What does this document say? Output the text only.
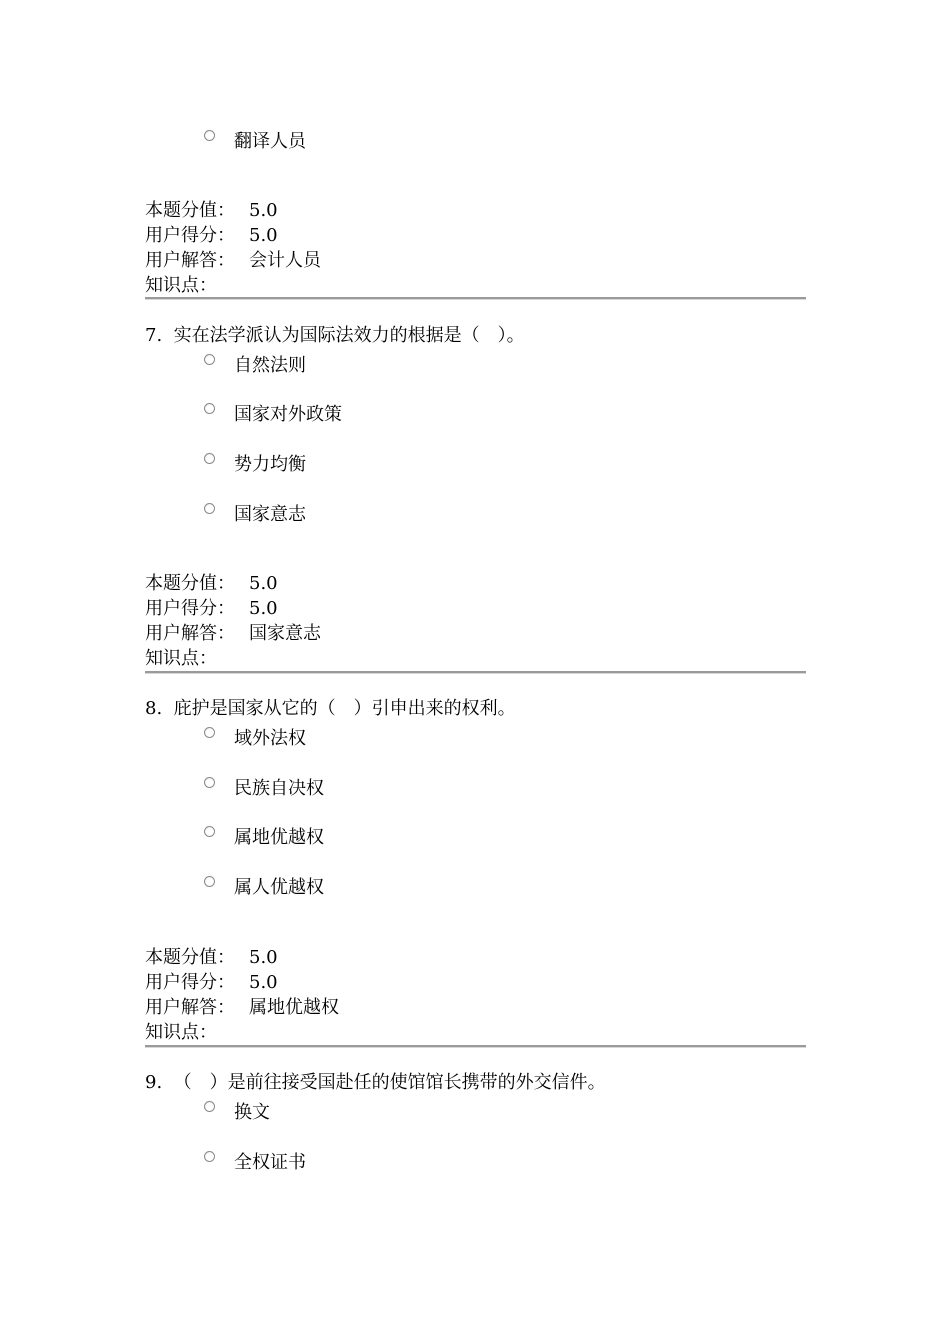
翻译人员
本题分值： 5.0
用户得分： 5.0
用户解答： 会计人员
知识点：
7. 实在法学派认为国际法效力的根据是（　）。
自然法则
国家对外政策
势力均衡
国家意志
本题分值： 5.0
用户得分： 5.0
用户解答： 国家意志
知识点：
8. 庇护是国家从它的（　）引申出来的权利。
域外法权
民族自决权
属地优越权
属人优越权
本题分值： 5.0
用户得分： 5.0
用户解答： 属地优越权
知识点：
9. （　）是前往接受国赴任的使馆馆长携带的外交信件。
换文
全权证书
